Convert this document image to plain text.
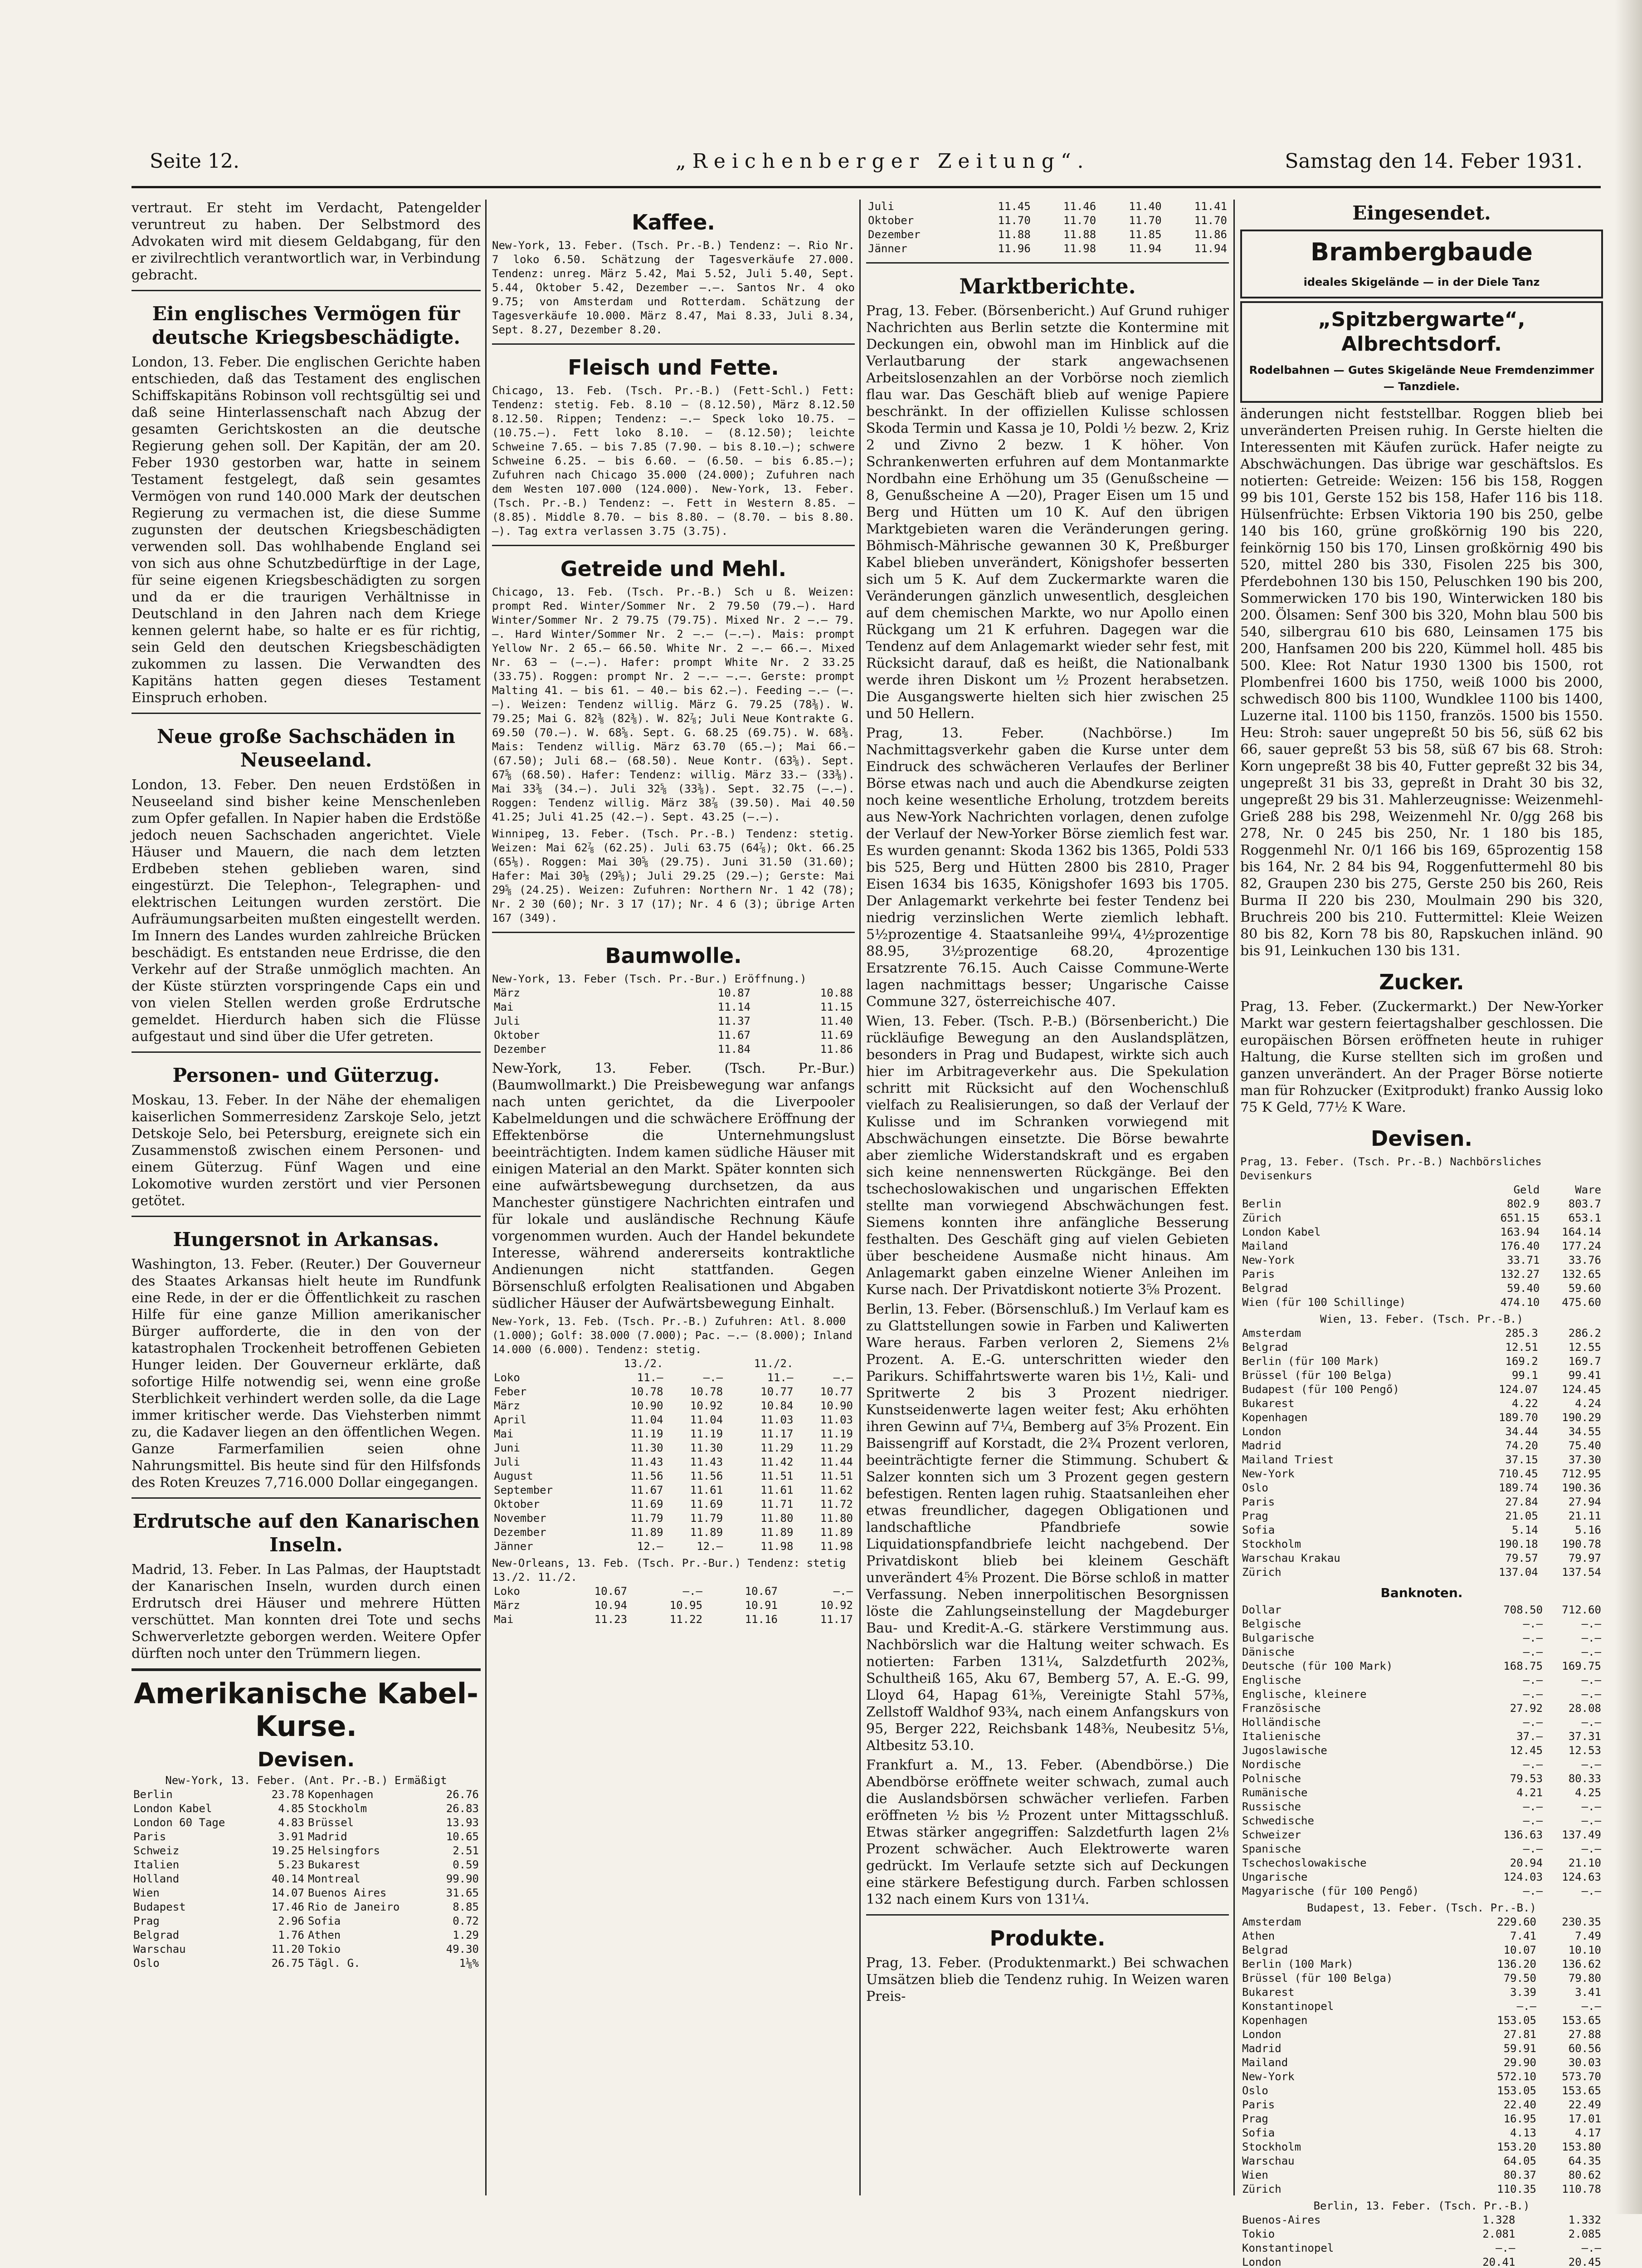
Seite 12.	„Reichenberger Zeitung“.	Samstag den 14. Feber 1931.

vertraut. Er steht im Verdacht, Patengelder veruntreut zu haben. Der Selbstmord des Advokaten wird mit diesem Geldabgang, für den er zivilrechtlich verantwortlich war, in Verbindung gebracht.

Ein englisches Vermögen für deutsche Kriegsbeschädigte.

London, 13. Feber. Die englischen Gerichte haben entschieden, daß das Testament des englischen Schiffskapitäns Robinson voll rechtsgültig sei und daß seine Hinterlassenschaft nach Abzug der gesamten Gerichtskosten an die deutsche Regierung gehen soll. Der Kapitän, der am 20. Feber 1930 gestorben war, hatte in seinem Testament festgelegt, daß sein gesamtes Vermögen von rund 140.000 Mark der deutschen Regierung zu vermachen ist, die diese Summe zugunsten der deutschen Kriegsbeschädigten verwenden soll. Das wohlhabende England sei von sich aus ohne Schutzbedürftige in der Lage, für seine eigenen Kriegsbeschädigten zu sorgen und da er die traurigen Verhältnisse in Deutschland in den Jahren nach dem Kriege kennen gelernt habe, so halte er es für richtig, sein Geld den deutschen Kriegsbeschädigten zukommen zu lassen. Die Verwandten des Kapitäns hatten gegen dieses Testament Einspruch erhoben.

Neue große Sachschäden in Neuseeland.

London, 13. Feber. Den neuen Erdstößen in Neuseeland sind bisher keine Menschenleben zum Opfer gefallen. In Napier haben die Erdstöße jedoch neuen Sachschaden angerichtet. Viele Häuser und Mauern, die nach dem letzten Erdbeben stehen geblieben waren, sind eingestürzt. Die Telephon-, Telegraphen- und elektrischen Leitungen wurden zerstört. Die Aufräumungsarbeiten mußten eingestellt werden. Im Innern des Landes wurden zahlreiche Brücken beschädigt. Es entstanden neue Erdrisse, die den Verkehr auf der Straße unmöglich machten. An der Küste stürzten vorspringende Caps ein und von vielen Stellen werden große Erdrutsche gemeldet. Hierdurch haben sich die Flüsse aufgestaut und sind über die Ufer getreten.

Personen- und Güterzug.

Moskau, 13. Feber. In der Nähe der ehemaligen kaiserlichen Sommerresidenz Zarskoje Selo, jetzt Detskoje Selo, bei Petersburg, ereignete sich ein Zusammenstoß zwischen einem Personen- und einem Güterzug. Fünf Wagen und eine Lokomotive wurden zerstört und vier Personen getötet.

Hungersnot in Arkansas.

Washington, 13. Feber. (Reuter.) Der Gouverneur des Staates Arkansas hielt heute im Rundfunk eine Rede, in der er die Öffentlichkeit zu raschen Hilfe für eine ganze Million amerikanischer Bürger aufforderte, die in den von der katastrophalen Trockenheit betroffenen Gebieten Hunger leiden. Der Gouverneur erklärte, daß sofortige Hilfe notwendig sei, wenn eine große Sterblichkeit verhindert werden solle, da die Lage immer kritischer werde. Das Viehsterben nimmt zu, die Kadaver liegen an den öffentlichen Wegen. Ganze Farmerfamilien seien ohne Nahrungsmittel. Bis heute sind für den Hilfsfonds des Roten Kreuzes 7,716.000 Dollar eingegangen.

Erdrutsche auf den Kanarischen Inseln.

Madrid, 13. Feber. In Las Palmas, der Hauptstadt der Kanarischen Inseln, wurden durch einen Erdrutsch drei Häuser und mehrere Hütten verschüttet. Man konnten drei Tote und sechs Schwerverletzte geborgen werden. Weitere Opfer dürften noch unter den Trümmern liegen.

Amerikanische Kabel-Kurse.
Devisen.
New-York, 13. Feber. (Ant. Pr.-B.) Ermäßigt
Berlin	23.78	Kopenhagen	26.76
London Kabel	4.85	Stockholm	26.83
London 60 Tage	4.83	Brüssel	13.93
Paris	3.91	Madrid	10.65
Schweiz	19.25	Helsingfors	2.51
Italien	5.23	Bukarest	0.59
Holland	40.14	Montreal	99.90
Wien	14.07	Buenos Aires	31.65
Budapest	17.46	Rio de Janeiro	8.85
Prag	2.96	Sofia	0.72
Belgrad	1.76	Athen	1.29
Warschau	11.20	Tokio	49.30
Oslo	26.75	Tägl. G.	1⅛%
Kaffee.

New-York, 13. Feber. (Tsch. Pr.-B.) Tendenz: —. Rio Nr. 7 loko 6.50. Schätzung der Tagesverkäufe 27.000. Tendenz: unreg. März 5.42, Mai 5.52, Juli 5.40, Sept. 5.44, Oktober 5.42, Dezember —.—. Santos Nr. 4 oko 9.75; von Amsterdam und Rotterdam. Schätzung der Tagesverkäufe 10.000. März 8.47, Mai 8.33, Juli 8.34, Sept. 8.27, Dezember 8.20.

Fleisch und Fette.

Chicago, 13. Feb. (Tsch. Pr.-B.) (Fett-Schl.) Fett: Tendenz: stetig. Feb. 8.10 — (8.12.50), März 8.12.50 8.12.50. Rippen; Tendenz: —.— Speck loko 10.75. — (10.75.—). Fett loko 8.10. — (8.12.50); leichte Schweine 7.65. — bis 7.85 (7.90. — bis 8.10.—); schwere Schweine 6.25. — bis 6.60. — (6.50. — bis 6.85.—); Zufuhren nach Chicago 35.000 (24.000); Zufuhren nach dem Westen 107.000 (124.000). New-York, 13. Feber. (Tsch. Pr.-B.) Tendenz: —. Fett in Western 8.85. — (8.85). Middle 8.70. — bis 8.80. — (8.70. — bis 8.80. —). Tag extra verlassen 3.75 (3.75).

Getreide und Mehl.

Chicago, 13. Feb. (Tsch. Pr.-B.) Sch u ß. Weizen: prompt Red. Winter/Sommer Nr. 2 79.50 (79.—). Hard Winter/Sommer Nr. 2 79.75 (79.75). Mixed Nr. 2 —.— 79.—. Hard Winter/Sommer Nr. 2 —.— (—.—). Mais: prompt Yellow Nr. 2 65.— 66.50. White Nr. 2 —.— 66.—. Mixed Nr. 63 — (—.—). Hafer: prompt White Nr. 2 33.25 (33.75). Roggen: prompt Nr. 2 —.— —.—. Gerste: prompt Malting 41. — bis 61. — 40.— bis 62.—). Feeding —.— (—.—). Weizen: Tendenz willig. März G. 79.25 (78⅜). W. 79.25; Mai G. 82⅜ (82⅜). W. 82⅞; Juli Neue Kontrakte G. 69.50 (70.—). W. 68⅝. Sept. G. 68.25 (69.75). W. 68⅜. Mais: Tendenz willig. März 63.70 (65.—); Mai 66.— (67.50); Juli 68.— (68.50). Neue Kontr. (63⅝). Sept. 67⅝ (68.50). Hafer: Tendenz: willig. März 33.— (33⅜). Mai 33⅜ (34.—). Juli 32⅝ (33⅜). Sept. 32.75 (—.—). Roggen: Tendenz willig. März 38⅞ (39.50). Mai 40.50 41.25; Juli 41.25 (42.—). Sept. 43.25 (—.—).

Winnipeg, 13. Feber. (Tsch. Pr.-B.) Tendenz: stetig. Weizen: Mai 62⅞ (62.25). Juli 63.75 (64⅞); Okt. 66.25 (65⅛). Roggen: Mai 30⅝ (29.75). Juni 31.50 (31.60); Hafer: Mai 30⅛ (29⅝); Juli 29.25 (29.—); Gerste: Mai 29⅝ (24.25). Weizen: Zufuhren: Northern Nr. 1 42 (78); Nr. 2 30 (60); Nr. 3 17 (17); Nr. 4 6 (3); übrige Arten 167 (349).

Baumwolle.
New-York, 13. Feber (Tsch. Pr.-Bur.) Eröffnung.)
März	10.87	10.88
Mai	11.14	11.15
Juli	11.37	11.40
Oktober	11.67	11.69
Dezember	11.84	11.86

New-York, 13. Feber. (Tsch. Pr.-Bur.) (Baumwollmarkt.) Die Preisbewegung war anfangs nach unten gerichtet, da die Liverpooler Kabelmeldungen und die schwächere Eröffnung der Effektenbörse die Unternehmungslust beeinträchtigten. Indem kamen südliche Häuser mit einigen Material an den Markt. Später konnten sich eine aufwärtsbewegung durchsetzen, da aus Manchester günstigere Nachrichten eintrafen und für lokale und ausländische Rechnung Käufe vorgenommen wurden. Auch der Handel bekundete Interesse, während andererseits kontraktliche Andienungen nicht stattfanden. Gegen Börsenschluß erfolgten Realisationen und Abgaben südlicher Häuser der Aufwärtsbewegung Einhalt.

New-York, 13. Feb. (Tsch. Pr.-B.) Zufuhren: Atl. 8.000 (1.000); Golf: 38.000 (7.000); Pac. —.— (8.000); Inland 14.000 (6.000). Tendenz: stetig.
	13./2.		11./2.	
Loko	11.—	—.—	11.—	—.—
Feber	10.78	10.78	10.77	10.77
März	10.90	10.92	10.84	10.90
April	11.04	11.04	11.03	11.03
Mai	11.19	11.19	11.17	11.19
Juni	11.30	11.30	11.29	11.29
Juli	11.43	11.43	11.42	11.44
August	11.56	11.56	11.51	11.51
September	11.67	11.61	11.61	11.62
Oktober	11.69	11.69	11.71	11.72
November	11.79	11.79	11.80	11.80
Dezember	11.89	11.89	11.89	11.89
Jänner	12.—	12.—	11.98	11.98
New-Orleans, 13. Feb. (Tsch. Pr.-Bur.) Tendenz: stetig 13./2. 11./2.
Loko	10.67	—.—	10.67	—.—
März	10.94	10.95	10.91	10.92
Mai	11.23	11.22	11.16	11.17
Juli	11.45	11.46	11.40	11.41
Oktober	11.70	11.70	11.70	11.70
Dezember	11.88	11.88	11.85	11.86
Jänner	11.96	11.98	11.94	11.94
Marktberichte.

Prag, 13. Feber. (Börsenbericht.) Auf Grund ruhiger Nachrichten aus Berlin setzte die Kontermine mit Deckungen ein, obwohl man im Hinblick auf die Verlautbarung der stark angewachsenen Arbeitslosenzahlen an der Vorbörse noch ziemlich flau war. Das Geschäft blieb auf wenige Papiere beschränkt. In der offiziellen Kulisse schlossen Skoda Termin und Kassa je 10, Poldi ½ bezw. 2, Kriz 2 und Zivno 2 bezw. 1 K höher. Von Schrankenwerten erfuhren auf dem Montanmarkte Nordbahn eine Erhöhung um 35 (Genußscheine — 8, Genußscheine A —20), Prager Eisen um 15 und Berg und Hütten um 10 K. Auf den übrigen Marktgebieten waren die Veränderungen gering. Böhmisch-Mährische gewannen 30 K, Preßburger Kabel blieben unverändert, Königshofer besserten sich um 5 K. Auf dem Zuckermarkte waren die Veränderungen gänzlich unwesentlich, desgleichen auf dem chemischen Markte, wo nur Apollo einen Rückgang um 21 K erfuhren. Dagegen war die Tendenz auf dem Anlagemarkt wieder sehr fest, mit Rücksicht darauf, daß es heißt, die Nationalbank werde ihren Diskont um ½ Prozent herabsetzen. Die Ausgangswerte hielten sich hier zwischen 25 und 50 Hellern.

Prag, 13. Feber. (Nachbörse.) Im Nachmittagsverkehr gaben die Kurse unter dem Eindruck des schwächeren Verlaufes der Berliner Börse etwas nach und auch die Abendkurse zeigten noch keine wesentliche Erholung, trotzdem bereits aus New-York Nachrichten vorlagen, denen zufolge der Verlauf der New-Yorker Börse ziemlich fest war. Es wurden genannt: Skoda 1362 bis 1365, Poldi 533 bis 525, Berg und Hütten 2800 bis 2810, Prager Eisen 1634 bis 1635, Königshofer 1693 bis 1705. Der Anlagemarkt verkehrte bei fester Tendenz bei niedrig verzinslichen Werte ziemlich lebhaft. 5½prozentige 4. Staatsanleihe 99¼, 4½prozentige 88.95, 3½prozentige 68.20, 4prozentige Ersatzrente 76.15. Auch Caisse Commune-Werte lagen nachmittags besser; Ungarische Caisse Commune 327, österreichische 407.

Wien, 13. Feber. (Tsch. P.-B.) (Börsenbericht.) Die rückläufige Bewegung an den Auslandsplätzen, besonders in Prag und Budapest, wirkte sich auch hier im Arbitrageverkehr aus. Die Spekulation schritt mit Rücksicht auf den Wochenschluß vielfach zu Realisierungen, so daß der Verlauf der Kulisse und im Schranken vorwiegend mit Abschwächungen einsetzte. Die Börse bewahrte aber ziemliche Widerstandskraft und es ergaben sich keine nennenswerten Rückgänge. Bei den tschechoslowakischen und ungarischen Effekten stellte man vorwiegend Abschwächungen fest. Siemens konnten ihre anfängliche Besserung festhalten. Des Geschäft ging auf vielen Gebieten über bescheidene Ausmaße nicht hinaus. Am Anlagemarkt gaben einzelne Wiener Anleihen im Kurse nach. Der Privatdiskont notierte 3⅝ Prozent.

Berlin, 13. Feber. (Börsenschluß.) Im Verlauf kam es zu Glattstellungen sowie in Farben und Kaliwerten Ware heraus. Farben verloren 2, Siemens 2⅛ Prozent. A. E.-G. unterschritten wieder den Parikurs. Schiffahrtswerte waren bis 1½, Kali- und Spritwerte 2 bis 3 Prozent niedriger. Kunstseidenwerte lagen weiter fest; Aku erhöhten ihren Gewinn auf 7¼, Bemberg auf 3⅝ Prozent. Ein Baissengriff auf Korstadt, die 2¾ Prozent verloren, beeinträchtigte ferner die Stimmung. Schubert & Salzer konnten sich um 3 Prozent gegen gestern befestigen. Renten lagen ruhig. Staatsanleihen eher etwas freundlicher, dagegen Obligationen und landschaftliche Pfandbriefe sowie Liquidationspfandbriefe leicht nachgebend. Der Privatdiskont blieb bei kleinem Geschäft unverändert 4⅝ Prozent. Die Börse schloß in matter Verfassung. Neben innerpolitischen Besorgnissen löste die Zahlungseinstellung der Magdeburger Bau- und Kredit-A.-G. stärkere Verstimmung aus. Nachbörslich war die Haltung weiter schwach. Es notierten: Farben 131¼, Salzdetfurth 202⅜, Schultheiß 165, Aku 67, Bemberg 57, A. E.-G. 99, Lloyd 64, Hapag 61⅜, Vereinigte Stahl 57⅜, Zellstoff Waldhof 93¾, nach einem Anfangskurs von 95, Berger 222, Reichsbank 148⅜, Neubesitz 5⅛, Altbesitz 53.10.

Frankfurt a. M., 13. Feber. (Abendbörse.) Die Abendbörse eröffnete weiter schwach, zumal auch die Auslandsbörsen schwächer verliefen. Farben eröffneten ½ bis ½ Prozent unter Mittagsschluß. Etwas stärker angegriffen: Salzdetfurth lagen 2⅛ Prozent schwächer. Auch Elektrowerte waren gedrückt. Im Verlaufe setzte sich auf Deckungen eine stärkere Befestigung durch. Farben schlossen 132 nach einem Kurs von 131¼.

Produkte.

Prag, 13. Feber. (Produktenmarkt.) Bei schwachen Umsätzen blieb die Tendenz ruhig. In Weizen waren Preis-

Eingesendet.
Brambergbaude
ideales Skigelände — in der Diele Tanz
„Spitzbergwarte“, Albrechtsdorf.
Rodelbahnen — Gutes Skigelände Neue Fremdenzimmer — Tanzdiele.

änderungen nicht feststellbar. Roggen blieb bei unveränderten Preisen ruhig. In Gerste hielten die Interessenten mit Käufen zurück. Hafer neigte zu Abschwächungen. Das übrige war geschäftslos. Es notierten: Getreide: Weizen: 156 bis 158, Roggen 99 bis 101, Gerste 152 bis 158, Hafer 116 bis 118. Hülsenfrüchte: Erbsen Viktoria 190 bis 250, gelbe 140 bis 160, grüne großkörnig 190 bis 220, feinkörnig 150 bis 170, Linsen großkörnig 490 bis 520, mittel 280 bis 330, Fisolen 225 bis 300, Pferdebohnen 130 bis 150, Peluschken 190 bis 200, Sommerwicken 170 bis 190, Winterwicken 180 bis 200. Ölsamen: Senf 300 bis 320, Mohn blau 500 bis 540, silbergrau 610 bis 680, Leinsamen 175 bis 200, Hanfsamen 200 bis 220, Kümmel holl. 485 bis 500. Klee: Rot Natur 1930 1300 bis 1500, rot Plombenfrei 1600 bis 1750, weiß 1000 bis 2000, schwedisch 800 bis 1100, Wundklee 1100 bis 1400, Luzerne ital. 1100 bis 1150, französ. 1500 bis 1550. Heu: Stroh: sauer ungepreßt 50 bis 56, süß 62 bis 66, sauer gepreßt 53 bis 58, süß 67 bis 68. Stroh: Korn ungepreßt 38 bis 40, Futter gepreßt 32 bis 34, ungepreßt 31 bis 33, gepreßt in Draht 30 bis 32, ungepreßt 29 bis 31. Mahlerzeugnisse: Weizenmehl-Grieß 288 bis 298, Weizenmehl Nr. 0/gg 268 bis 278, Nr. 0 245 bis 250, Nr. 1 180 bis 185, Roggenmehl Nr. 0/1 166 bis 169, 65prozentig 158 bis 164, Nr. 2 84 bis 94, Roggenfuttermehl 80 bis 82, Graupen 230 bis 275, Gerste 250 bis 260, Reis Burma II 220 bis 230, Moulmain 290 bis 320, Bruchreis 200 bis 210. Futtermittel: Kleie Weizen 80 bis 82, Korn 78 bis 80, Rapskuchen inländ. 90 bis 91, Leinkuchen 130 bis 131.

Zucker.

Prag, 13. Feber. (Zuckermarkt.) Der New-Yorker Markt war gestern feiertagshalber geschlossen. Die europäischen Börsen eröffneten heute in ruhiger Haltung, die Kurse stellten sich im großen und ganzen unverändert. An der Prager Börse notierte man für Rohzucker (Exitprodukt) franko Aussig loko 75 K Geld, 77½ K Ware.

Devisen.
Prag, 13. Feber. (Tsch. Pr.-B.) Nachbörsliches Devisenkurs
	Geld	Ware
Berlin	802.9	803.7
Zürich	651.15	653.1
London Kabel	163.94	164.14
Mailand	176.40	177.24
New-York	33.71	33.76
Paris	132.27	132.65
Belgrad	59.40	59.60
Wien (für 100 Schillinge)	474.10	475.60
Wien, 13. Feber. (Tsch. Pr.-B.)
Amsterdam	285.3	286.2
Belgrad	12.51	12.55
Berlin (für 100 Mark)	169.2	169.7
Brüssel (für 100 Belga)	99.1	99.41
Budapest (für 100 Pengő)	124.07	124.45
Bukarest	4.22	4.24
Kopenhagen	189.70	190.29
London	34.44	34.55
Madrid	74.20	75.40
Mailand Triest	37.15	37.30
New-York	710.45	712.95
Oslo	189.74	190.36
Paris	27.84	27.94
Prag	21.05	21.11
Sofia	5.14	5.16
Stockholm	190.18	190.78
Warschau Krakau	79.57	79.97
Zürich	137.04	137.54
Banknoten.
Dollar	708.50	712.60
Belgische	—.—	—.—
Bulgarische	—.—	—.—
Dänische	—.—	—.—
Deutsche (für 100 Mark)	168.75	169.75
Englische	—.—	—.—
Englische, kleinere	—.—	—.—
Französische	27.92	28.08
Holländische	—.—	—.—
Italienische	37.—	37.31
Jugoslawische	12.45	12.53
Nordische	—.—	—.—
Polnische	79.53	80.33
Rumänische	4.21	4.25
Russische	—.—	—.—
Schwedische	—.—	—.—
Schweizer	136.63	137.49
Spanische	—.—	—.—
Tschechoslowakische	20.94	21.10
Ungarische	124.03	124.63
Magyarische (für 100 Pengő)	—.—	—.—
Budapest, 13. Feber. (Tsch. Pr.-B.)
Amsterdam	229.60	230.35
Athen	7.41	7.49
Belgrad	10.07	10.10
Berlin (100 Mark)	136.20	136.62
Brüssel (für 100 Belga)	79.50	79.80
Bukarest	3.39	3.41
Konstantinopel	—.—	—.—
Kopenhagen	153.05	153.65
London	27.81	27.88
Madrid	59.91	60.56
Mailand	29.90	30.03
New-York	572.10	573.70
Oslo	153.05	153.65
Paris	22.40	22.49
Prag	16.95	17.01
Sofia	4.13	4.17
Stockholm	153.20	153.80
Warschau	64.05	64.35
Wien	80.37	80.62
Zürich	110.35	110.78
Berlin, 13. Feber. (Tsch. Pr.-B.)
Buenos-Aires	1.328	1.332
Tokio	2.081	2.085
Konstantinopel	—.—	—.—
London	20.41	20.45
